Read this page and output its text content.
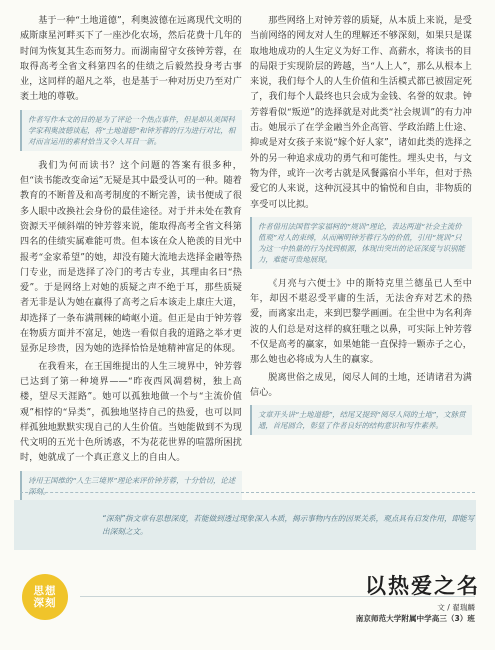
基于一种“土地道德”，利奥波德在远离现代文明的威斯康星河畔买下了一座沙化农场，然后花费十几年的时间为恢复其生态而努力。而湖南留守女孩钟芳蓉，在取得高考全省文科第四名的佳绩之后毅然投身考古事业，这同样的超凡之举，也是基于一种对历史乃至对广袤土地的尊敬。

作者写作本文的目的是为了评论一个热点事件，但是却从美国科学家利奥波德谈起，将“土地道德”和钟芳蓉的行为进行对比，相对而言运用的素材恰当又令人耳目一新。

我们为何而读书？这个问题的答案有很多种，但“读书能改变命运”无疑是其中最受认可的一种。随着教育的不断普及和高考制度的不断完善，读书便成了很多人眼中改换社会身份的最佳途径。对于并未处在教育资源天平倾斜端的钟芳蓉来说，能取得高考全省文科第四名的佳绩实属难能可贵。但本该在众人艳羡的目光中报考“金家希望”的她，却没有随大流地去选择金融等热门专业，而是选择了冷门的考古专业，其理由名曰“热爱”。于是网络上对她的质疑之声不绝于耳，那些质疑者无非是认为她在赢得了高考之后本该走上康庄大道，却选择了一条布满荆棘的崎岖小道。但正是由于钟芳蓉在物质方面并不富足，她选一看似自我的道路之举才更显弥足珍贵，因为她的选择恰恰是她精神富足的体现。

在我看来，在王国维提出的人生三境界中，钟芳蓉已达到了第一种境界——“昨夜西风凋碧树，独上高楼，望尽天涯路”。她可以孤独地做一个与“主流价值观”相悖的“异类”，孤独地坚持自己的热爱，也可以同样孤独地默默实现自己的人生价值。当她能做到不为现代文明的五光十色所诱惑，不为花花世界的喧嚣所困扰时，她就成了一个真正意义上的自由人。

诗用王国维的“人生三境界”理论来评价钟芳蓉，十分恰切，论述深刻。

那些网络上对钟芳蓉的质疑，从本质上来说，是受当前网络的网友对人生的理解还不够深刻，如果只是谋取地地成功的人生定义为好工作、高薪水，将读书的目的局限于实现阶层的跨越，当“人上人”，那么从根本上来说，我们每个人的人生价值和生活模式都已被固定死了，我们每个人最终也只会成为金钱、名誉的奴隶。钟芳蓉看似“叛逆”的选择就是对此类“社会规训”的有力冲击。她展示了在学金融当外企高管、学政治踏上仕途、抑或是对女孩子来说“嫁个好人家”，诸如此类的选择之外的另一种追求成功的勇气和可能性。埋头史书，与文物为伴，或许一次考古就是风餐露宿小半年，但对于热爱它的人来说，这种沉浸其中的愉悦和自由，非物质的享受可以比拟。

作者借用法国哲学家福柯的“规训”理论，表达两道“社会主流价值观”对人的束缚，从而阐明钟芳蓉行为的价值，引用“规训”只为这一中热量的行为找到根源，体现出突出的论证深度与识别能力，难能可贵地展现。

《月亮与六便士》中的斯特克里兰德虽已人至中年，却因不堪忍受平庸的生活，无法舍弃对艺术的热爱，而离家出走，来到巴黎学画画。在尘世中为名利奔波的人们总是对这样的疯狂嗤之以鼻，可实际上钟芳蓉不仅是高考的赢家，如果她能一直保持一颗赤子之心，那么她也必将成为人生的赢家。

脱离世俗之成见，阅尽人间的土地，还请诸君为满信心。

文章开头讲“土地道德”，结尾又提到“阅尽人间的土地”，文脉贯通，首尾圆合，彰显了作者良好的结构意识和写作素养。

“深刻”指文章有思想深度，若能做到透过现象深入本质，揭示事物内在的因果关系，观点具有启发作用，即能写出深刻之文。

思想
深刻
以热爱之名
文 / 翟瑞麟
南京师范大学附属中学高三（3）班
